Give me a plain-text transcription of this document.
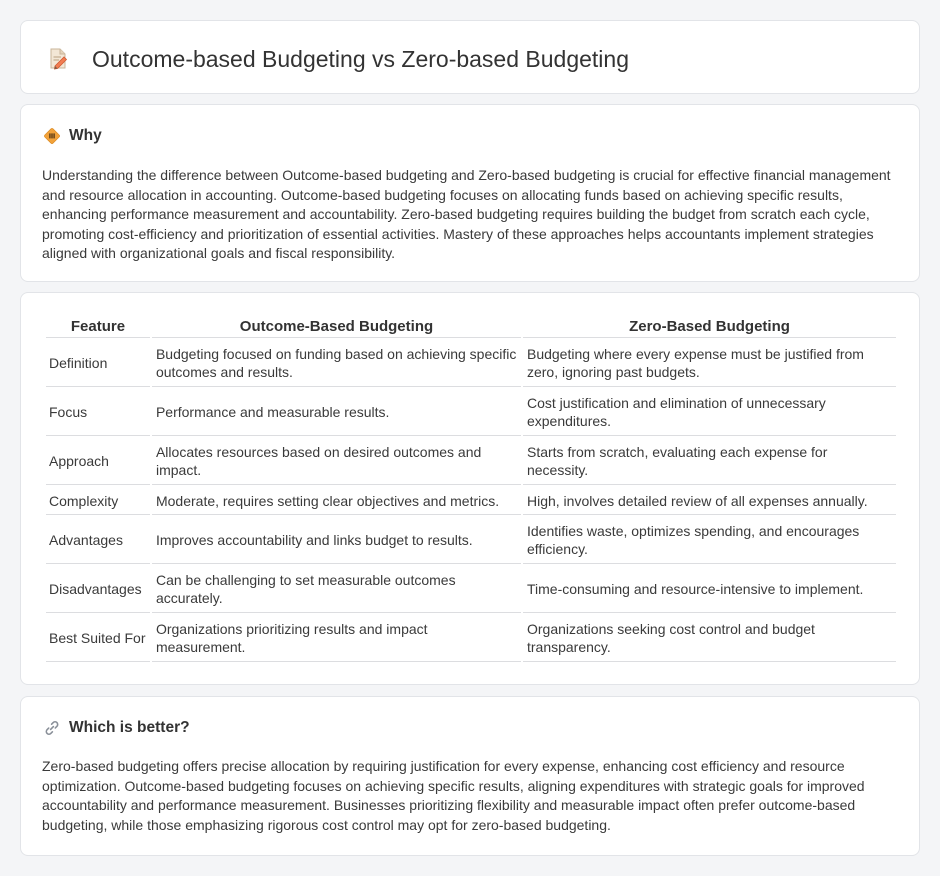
Outcome-based Budgeting vs Zero-based Budgeting
Why

Understanding the difference between Outcome-based budgeting and Zero-based budgeting is crucial for effective financial management and resource allocation in accounting. Outcome-based budgeting focuses on allocating funds based on achieving specific results, enhancing performance measurement and accountability. Zero-based budgeting requires building the budget from scratch each cycle, promoting cost-efficiency and prioritization of essential activities. Mastery of these approaches helps accountants implement strategies aligned with organizational goals and fiscal responsibility.

Feature	Outcome-Based Budgeting	Zero-Based Budgeting
Definition	Budgeting focused on funding based on achieving specific outcomes and results.	Budgeting where every expense must be justified from zero, ignoring past budgets.
Focus	Performance and measurable results.	Cost justification and elimination of unnecessary expenditures.
Approach	Allocates resources based on desired outcomes and impact.	Starts from scratch, evaluating each expense for necessity.
Complexity	Moderate, requires setting clear objectives and metrics.	High, involves detailed review of all expenses annually.
Advantages	Improves accountability and links budget to results.	Identifies waste, optimizes spending, and encourages efficiency.
Disadvantages	Can be challenging to set measurable outcomes accurately.	Time-consuming and resource-intensive to implement.
Best Suited For	Organizations prioritizing results and impact measurement.	Organizations seeking cost control and budget transparency.
Which is better?

Zero-based budgeting offers precise allocation by requiring justification for every expense, enhancing cost efficiency and resource optimization. Outcome-based budgeting focuses on achieving specific results, aligning expenditures with strategic goals for improved accountability and performance measurement. Businesses prioritizing flexibility and measurable impact often prefer outcome-based budgeting, while those emphasizing rigorous cost control may opt for zero-based budgeting.
